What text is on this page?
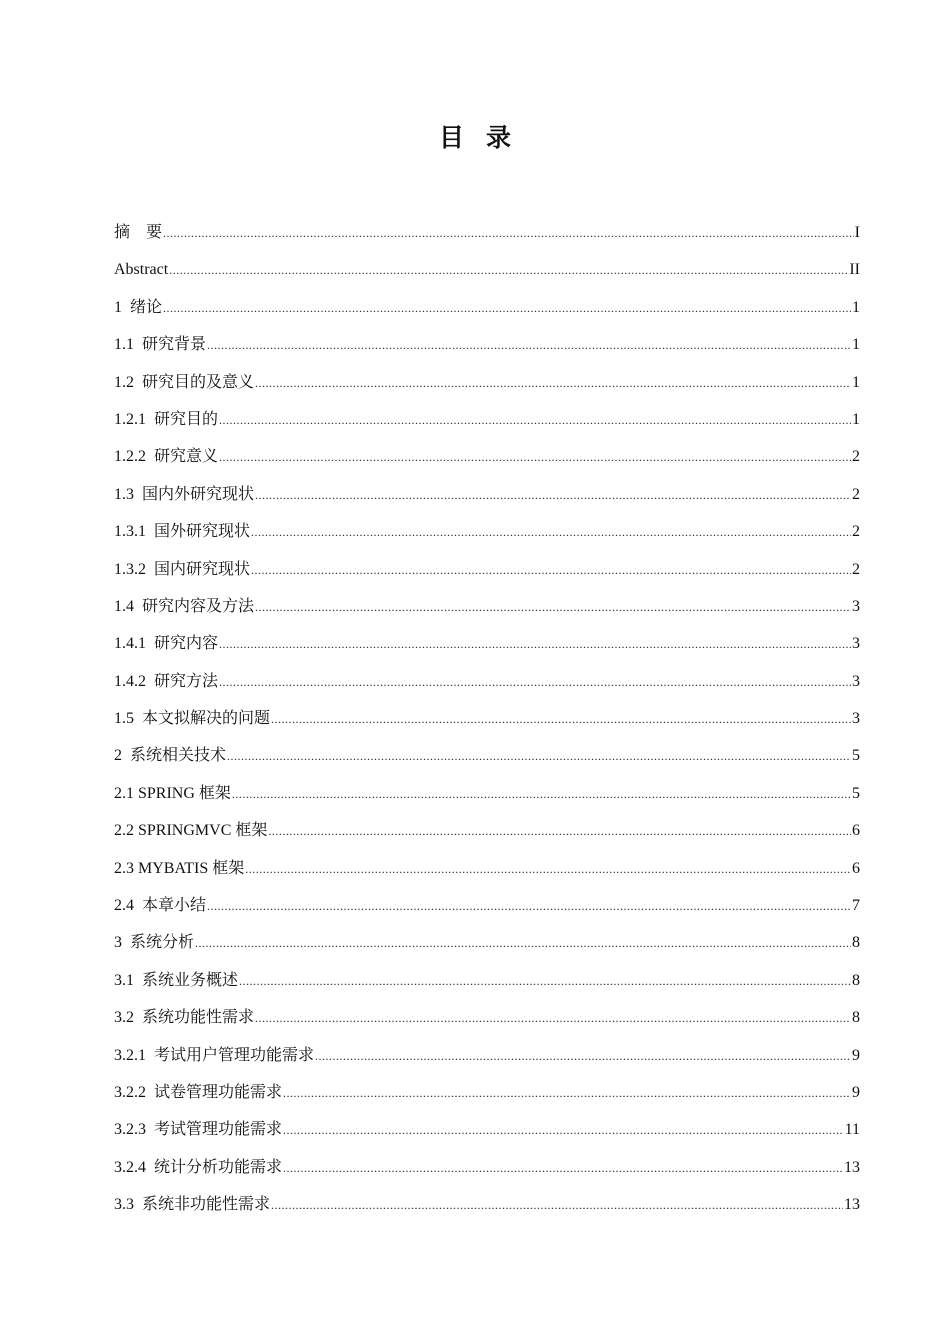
目录
摘　要 .....	I
Abstract .....	II
1  绪论 .....	1
1.1  研究背景 .....	1
1.2  研究目的及意义 .....	1
1.2.1  研究目的 .....	1
1.2.2  研究意义 .....	2
1.3  国内外研究现状 .....	2
1.3.1  国外研究现状 .....	2
1.3.2  国内研究现状 .....	2
1.4  研究内容及方法 .....	3
1.4.1  研究内容 .....	3
1.4.2  研究方法 .....	3
1.5  本文拟解决的问题 .....	3
2  系统相关技术 .....	5
2.1 SPRING 框架 .....	5
2.2 SPRINGMVC 框架 .....	6
2.3 MYBATIS 框架 .....	6
2.4  本章小结 .....	7
3  系统分析 .....	8
3.1  系统业务概述 .....	8
3.2  系统功能性需求 .....	8
3.2.1  考试用户管理功能需求 .....	9
3.2.2  试卷管理功能需求 .....	9
3.2.3  考试管理功能需求 .....	11
3.2.4  统计分析功能需求 .....	13
3.3  系统非功能性需求 .....	13
